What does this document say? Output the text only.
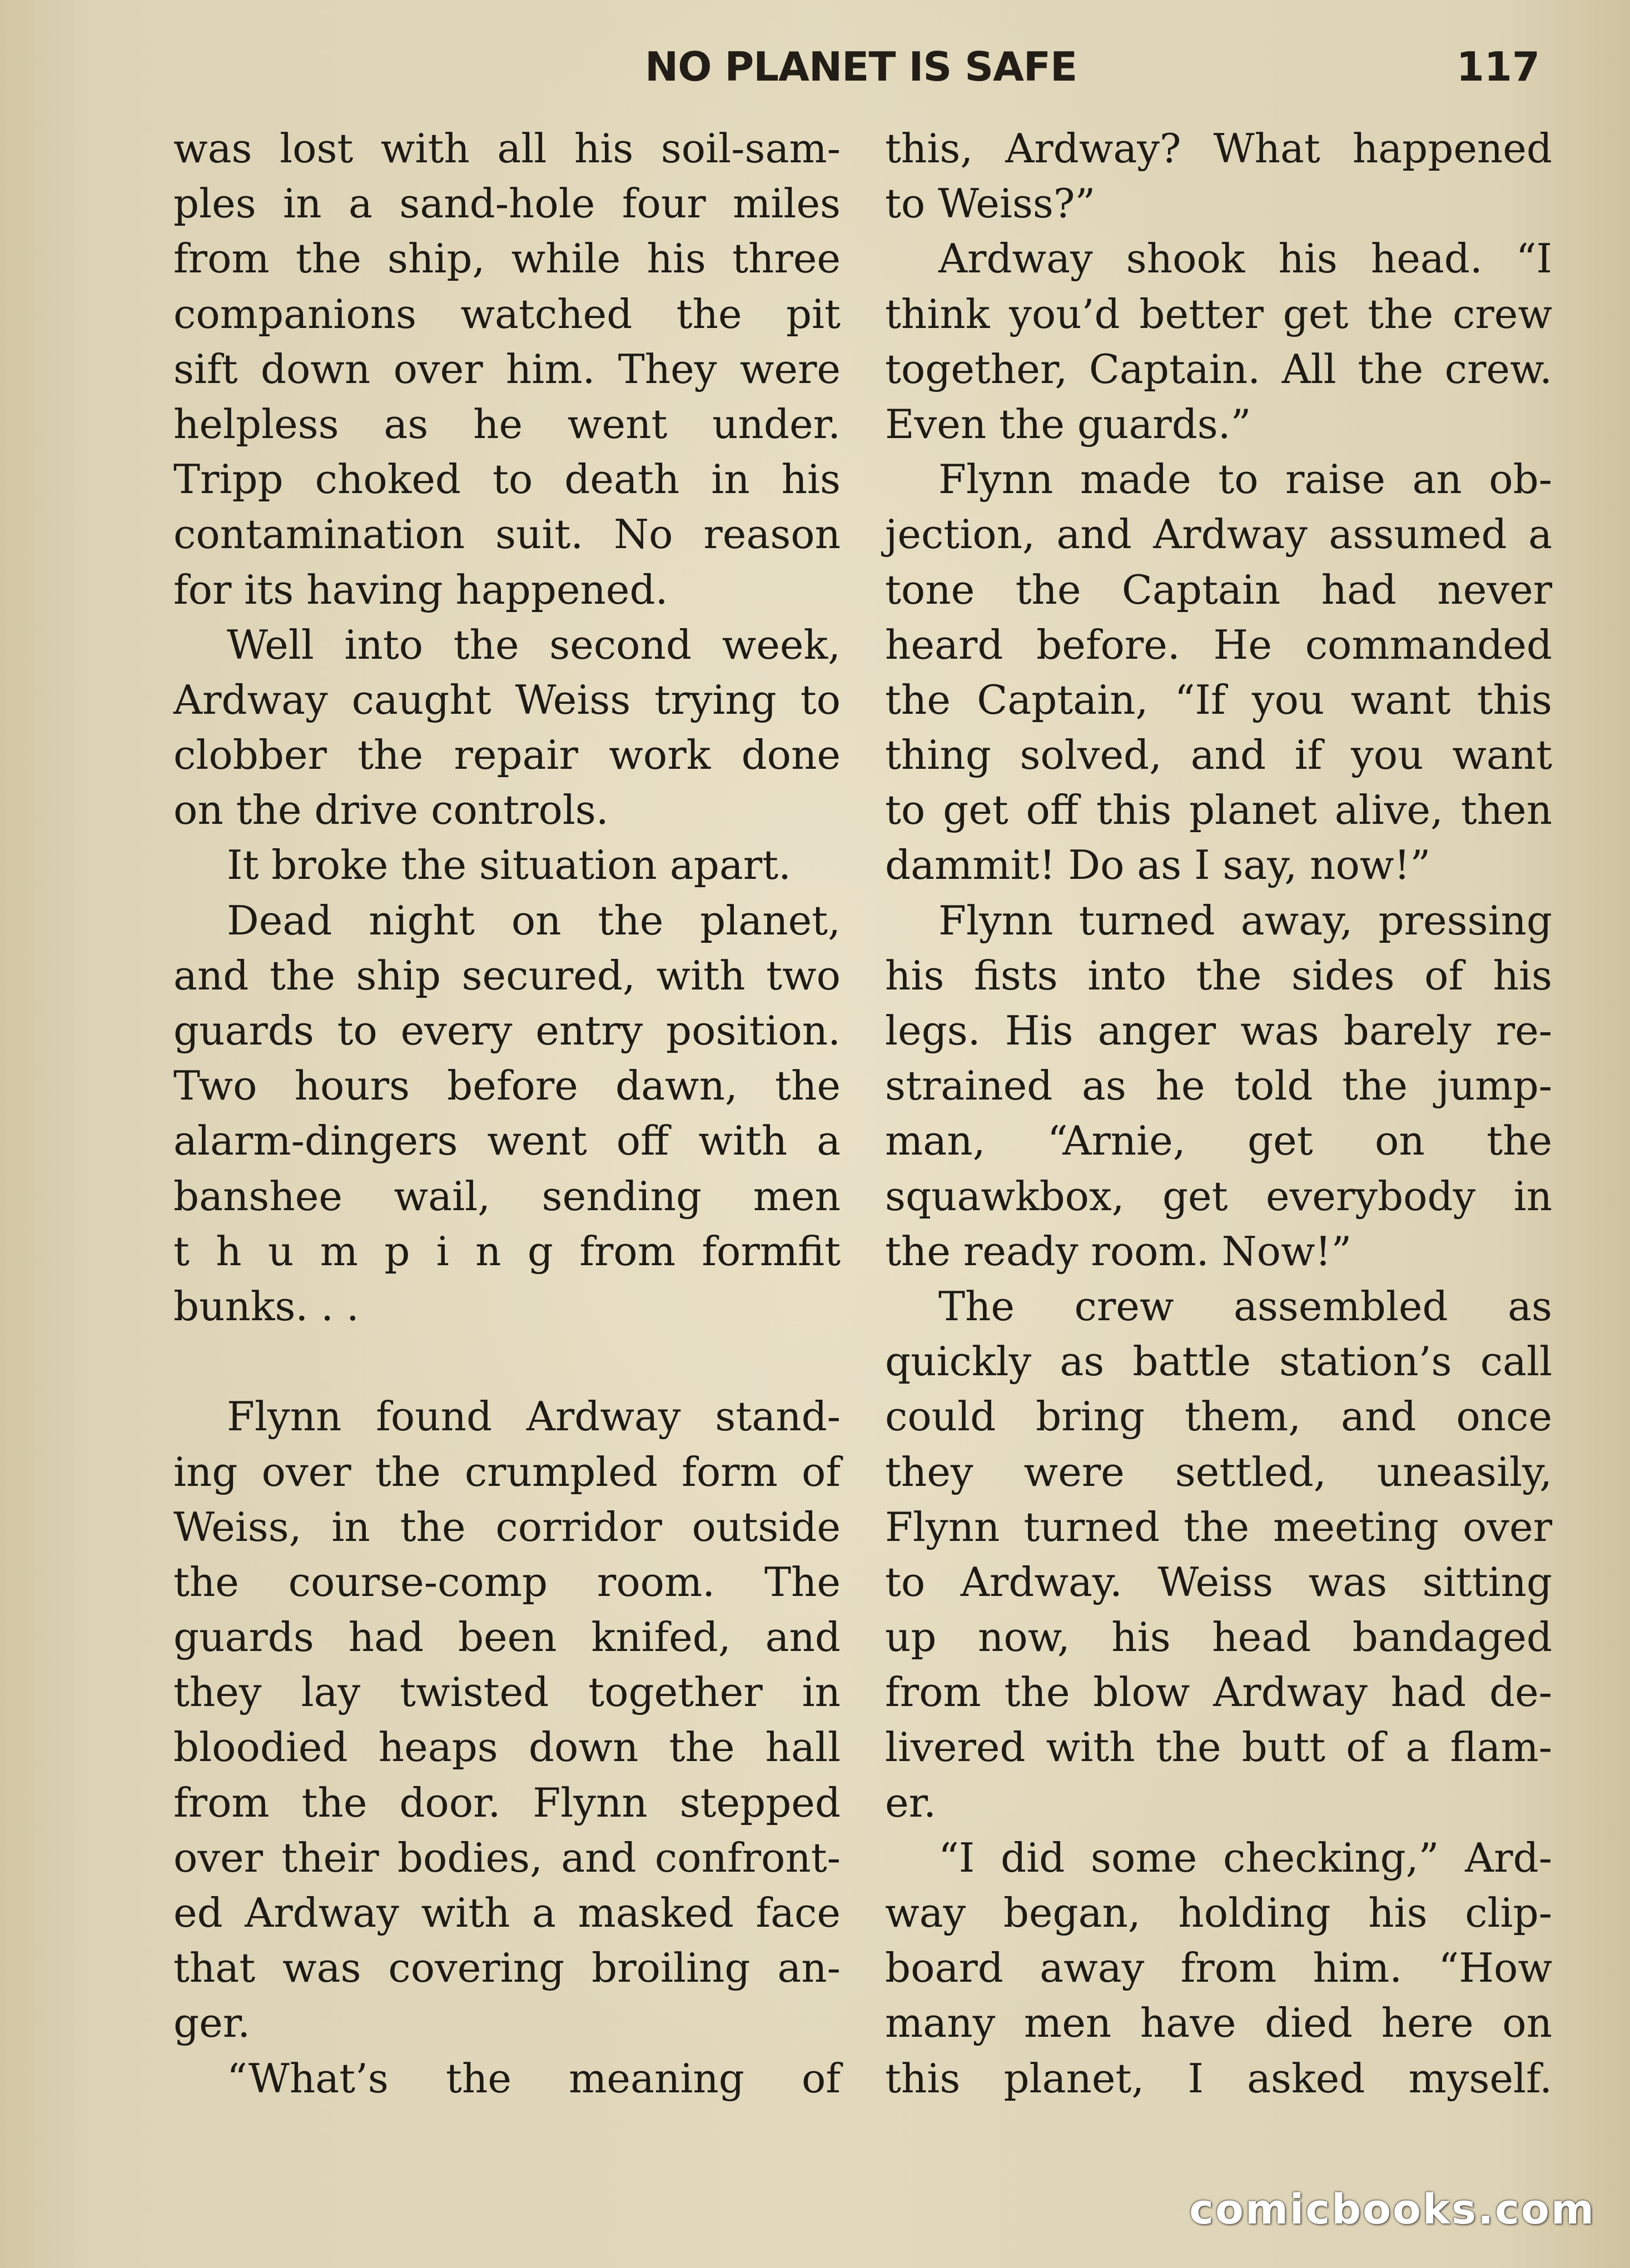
NO PLANET IS SAFE	117
was lost with all his soil-sam-
ples in a sand-hole four miles
from the ship, while his three
companions watched the pit
sift down over him. They were
helpless as he went under.
Tripp choked to death in his
contamination suit. No reason
for its having happened.
Well into the second week,
Ardway caught Weiss trying to
clobber the repair work done
on the drive controls.
It broke the situation apart.
Dead night on the planet,
and the ship secured, with two
guards to every entry position.
Two hours before dawn, the
alarm-dingers went off with a
banshee wail, sending men
t h u m p i n g from formfit
bunks. . .
Flynn found Ardway stand-
ing over the crumpled form of
Weiss, in the corridor outside
the course-comp room. The
guards had been knifed, and
they lay twisted together in
bloodied heaps down the hall
from the door. Flynn stepped
over their bodies, and confront-
ed Ardway with a masked face
that was covering broiling an-
ger.
“What’s the meaning of
this, Ardway? What happened
to Weiss?”
Ardway shook his head. “I
think you’d better get the crew
together, Captain. All the crew.
Even the guards.”
Flynn made to raise an ob-
jection, and Ardway assumed a
tone the Captain had never
heard before. He commanded
the Captain, “If you want this
thing solved, and if you want
to get off this planet alive, then
dammit! Do as I say, now!”
Flynn turned away, pressing
his fists into the sides of his
legs. His anger was barely re-
strained as he told the jump-
man, “Arnie, get on the
squawkbox, get everybody in
the ready room. Now!”
The crew assembled as
quickly as battle station’s call
could bring them, and once
they were settled, uneasily,
Flynn turned the meeting over
to Ardway. Weiss was sitting
up now, his head bandaged
from the blow Ardway had de-
livered with the butt of a flam-
er.
“I did some checking,” Ard-
way began, holding his clip-
board away from him. “How
many men have died here on
this planet, I asked myself.
comicbooks.com
